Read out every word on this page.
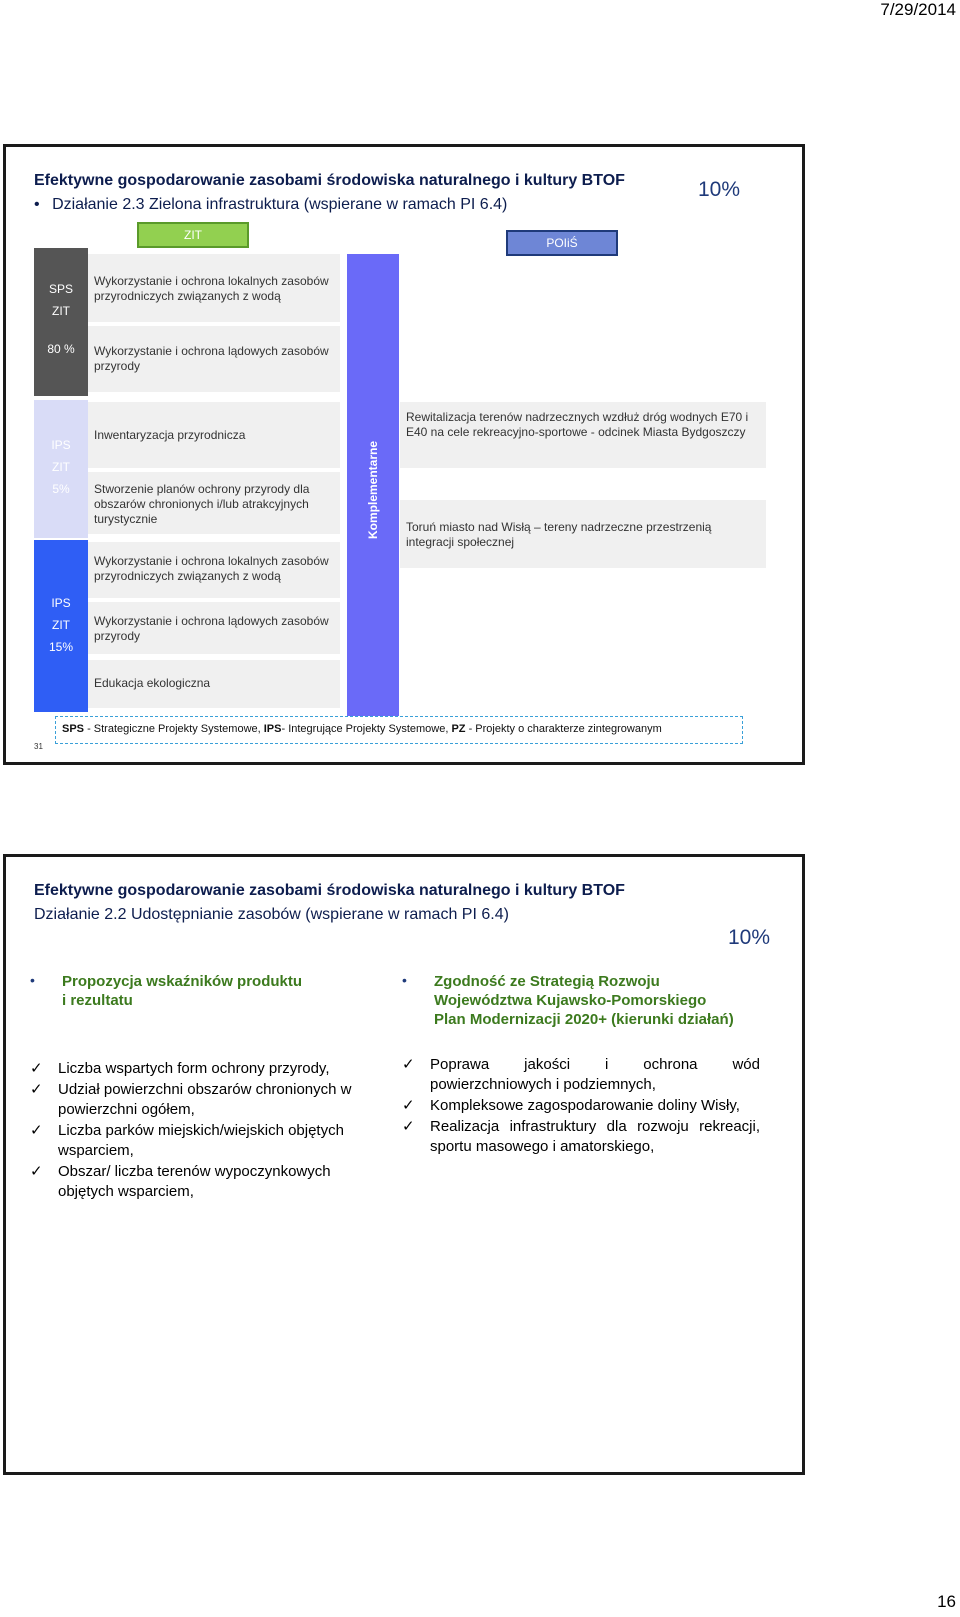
7/29/2014
16
Efektywne gospodarowanie zasobami środowiska naturalnego i kultury BTOF
• Działanie 2.3 Zielona infrastruktura (wspierane w ramach PI 6.4)
10%
ZIT
POIiŚ
SPS
ZIT
80 %
IPS
ZIT
5%
IPS
ZIT
15%
Wykorzystanie i ochrona lokalnych zasobów przyrodniczych związanych z wodą
Wykorzystanie i ochrona lądowych zasobów przyrody
Inwentaryzacja przyrodnicza
Stworzenie planów ochrony przyrody dla obszarów chronionych i/lub atrakcyjnych turystycznie
Wykorzystanie i ochrona lokalnych zasobów przyrodniczych związanych z wodą
Wykorzystanie i ochrona lądowych zasobów przyrody
Edukacja ekologiczna
Komplementarne
Rewitalizacja terenów nadrzecznych wzdłuż dróg wodnych E70 i E40 na cele rekreacyjno-sportowe - odcinek Miasta Bydgoszczy
Toruń miasto nad Wisłą – tereny nadrzeczne przestrzenią integracji społecznej
SPS - Strategiczne Projekty Systemowe, IPS- Integrujące Projekty Systemowe, PZ - Projekty o charakterze zintegrowanym
31
Efektywne gospodarowanie zasobami środowiska naturalnego i kultury BTOF
Działanie 2.2 Udostępnianie zasobów (wspierane w ramach PI 6.4)
10%
• Propozycja wskaźników produktu
i rezultatu
• Zgodność ze Strategią Rozwoju
Województwa Kujawsko-Pomorskiego
Plan Modernizacji 2020+ (kierunki działań)
✓ Liczba wspartych form ochrony przyrody,
✓ Udział powierzchni obszarów chronionych w powierzchni ogółem,
✓ Liczba parków miejskich/wiejskich objętych wsparciem,
✓ Obszar/ liczba terenów wypoczynkowych objętych wsparciem,
✓ Poprawa jakości i ochrona wód powierzchniowych i podziemnych,
✓ Kompleksowe zagospodarowanie doliny Wisły,
✓ Realizacja infrastruktury dla rozwoju rekreacji, sportu masowego i amatorskiego,
